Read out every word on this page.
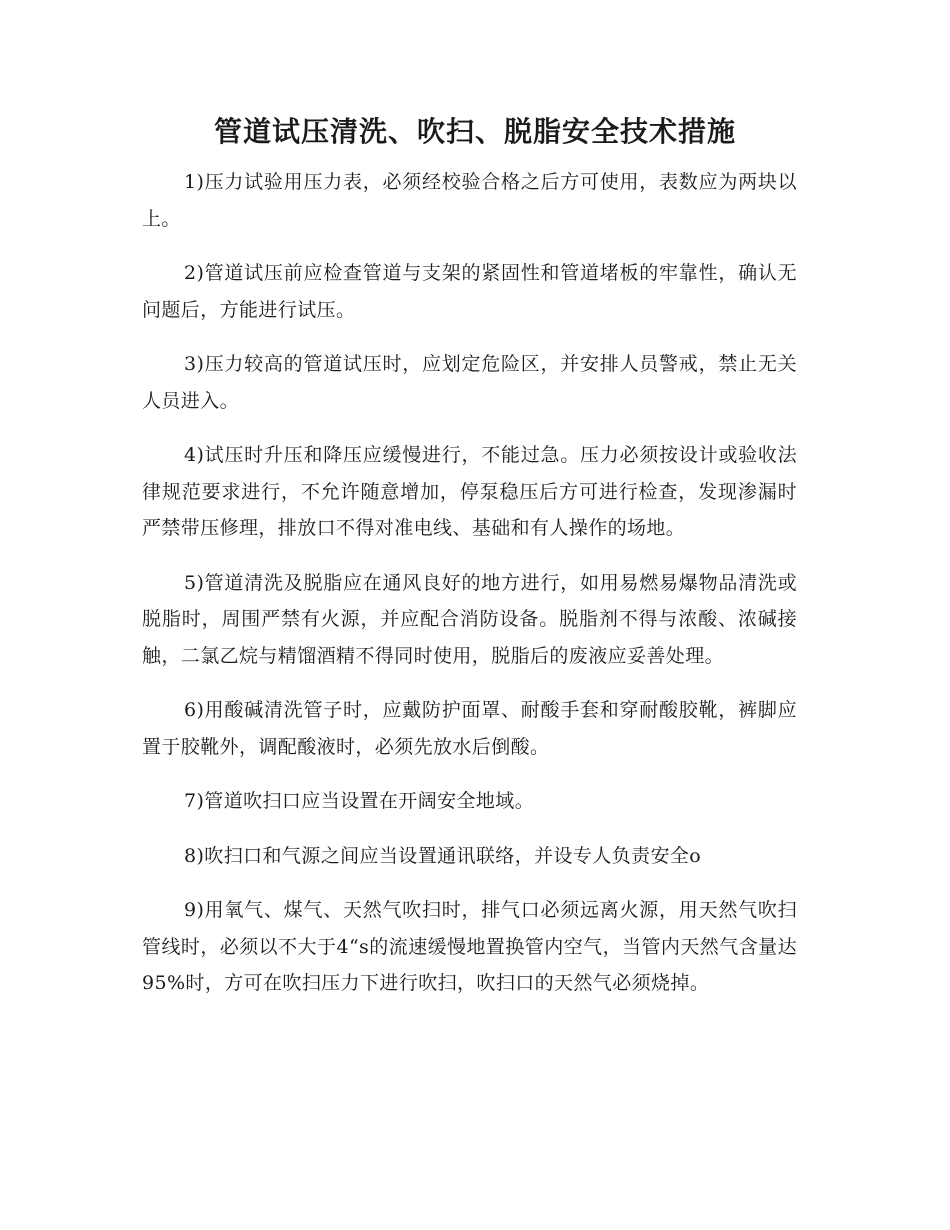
管道试压清洗、吹扫、脱脂安全技术措施

1)压力试验用压力表，必须经校验合格之后方可使用，表数应为两块以上。

2)管道试压前应检查管道与支架的紧固性和管道堵板的牢靠性，确认无问题后，方能进行试压。

3)压力较高的管道试压时，应划定危险区，并安排人员警戒，禁止无关人员进入。

4)试压时升压和降压应缓慢进行，不能过急。压力必须按设计或验收法律规范要求进行，不允许随意增加，停泵稳压后方可进行检查，发现渗漏时严禁带压修理，排放口不得对准电线、基础和有人操作的场地。

5)管道清洗及脱脂应在通风良好的地方进行，如用易燃易爆物品清洗或脱脂时，周围严禁有火源，并应配合消防设备。脱脂剂不得与浓酸、浓碱接触，二氯乙烷与精馏酒精不得同时使用，脱脂后的废液应妥善处理。

6)用酸碱清洗管子时，应戴防护面罩、耐酸手套和穿耐酸胶靴，裤脚应置于胶靴外，调配酸液时，必须先放水后倒酸。

7)管道吹扫口应当设置在开阔安全地域。

8)吹扫口和气源之间应当设置通讯联络，并设专人负责安全o

9)用氧气、煤气、天然气吹扫时，排气口必须远离火源，用天然气吹扫管线时，必须以不大于4“s的流速缓慢地置换管内空气，当管内天然气含量达95%时，方可在吹扫压力下进行吹扫，吹扫口的天然气必须烧掉。
